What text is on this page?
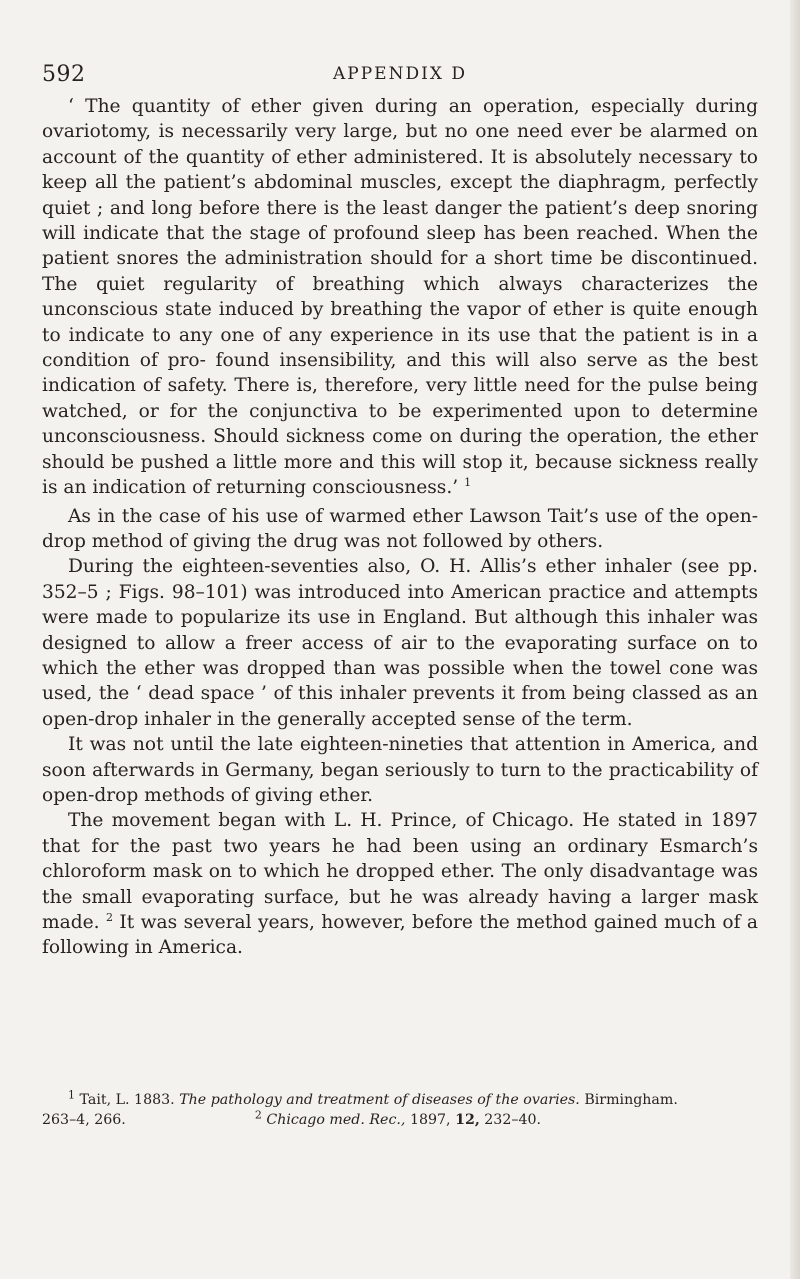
592	APPENDIX D

‘ The quantity of ether given during an operation, especially during ovariotomy, is necessarily very large, but no one need ever be alarmed on account of the quantity of ether administered. It is absolutely necessary to keep all the patient’s abdominal muscles, except the diaphragm, perfectly quiet ; and long before there is the least danger the patient’s deep snoring will indicate that the stage of profound sleep has been reached. When the patient snores the administration should for a short time be discontinued. The quiet regularity of breathing which always characterizes the unconscious state induced by breathing the vapor of ether is quite enough to indicate to any one of any experience in its use that the patient is in a condition of pro- found insensibility, and this will also serve as the best indication of safety. There is, therefore, very little need for the pulse being watched, or for the conjunctiva to be experimented upon to determine unconsciousness. Should sickness come on during the operation, the ether should be pushed a little more and this will stop it, because sickness really is an indication of returning consciousness.’ $^1$

As in the case of his use of warmed ether Lawson Tait’s use of the open-drop method of giving the drug was not followed by others.

During the eighteen-seventies also, O. H. Allis’s ether inhaler (see pp. 352–5 ; Figs. 98–101) was introduced into American practice and attempts were made to popularize its use in England. But although this inhaler was designed to allow a freer access of air to the evaporating surface on to which the ether was dropped than was possible when the towel cone was used, the ‘ dead space ’ of this inhaler prevents it from being classed as an open-drop inhaler in the generally accepted sense of the term.

It was not until the late eighteen-nineties that attention in America, and soon afterwards in Germany, began seriously to turn to the practicability of open-drop methods of giving ether.

The movement began with L. H. Prince, of Chicago. He stated in 1897 that for the past two years he had been using an ordinary Esmarch’s chloroform mask on to which he dropped ether. The only disadvantage was the small evaporating surface, but he was already having a larger mask made. $^2$ It was several years, however, before the method gained much of a following in America.

$^1$ Tait, L. 1883. The pathology and treatment of diseases of the ovaries. Birmingham.
263–4, 266.	$^2$ Chicago med. Rec., 1897, 12, 232–40.
